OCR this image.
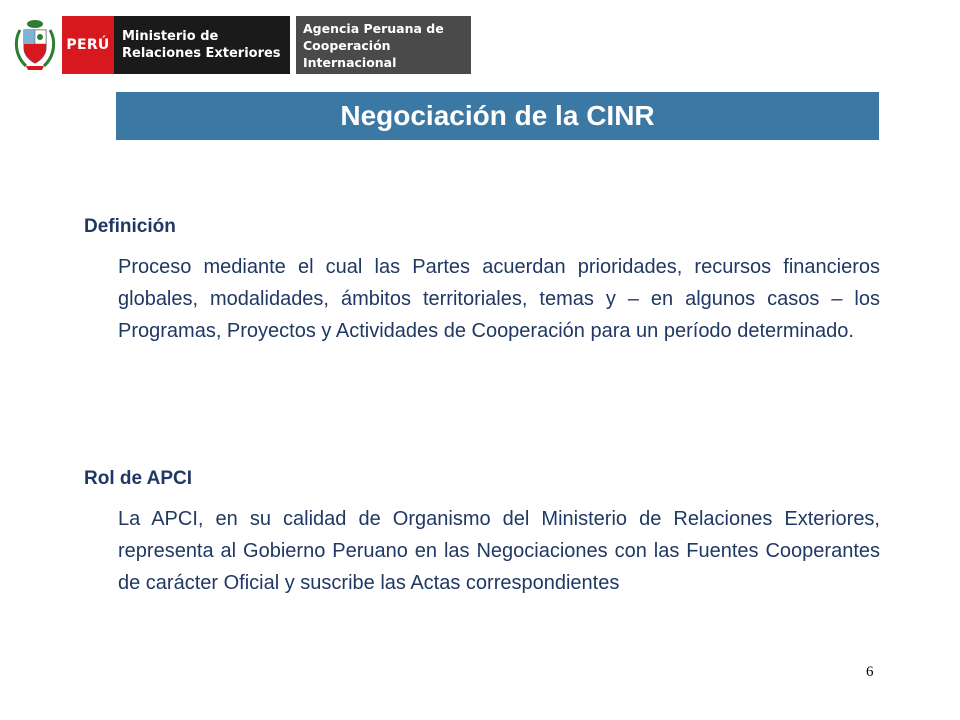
PERÚ
Ministerio de
Relaciones Exteriores
Agencia Peruana de
Cooperación Internacional
Negociación de la CINR
Definición
Proceso mediante el cual las Partes acuerdan prioridades, recursos financieros globales, modalidades, ámbitos territoriales, temas y – en algunos casos – los Programas, Proyectos y Actividades de Cooperación para un período determinado.
Rol de APCI
La APCI, en su calidad de Organismo del Ministerio de Relaciones Exteriores, representa al Gobierno Peruano en las Negociaciones con las Fuentes Cooperantes de carácter Oficial y suscribe las Actas correspondientes
6
